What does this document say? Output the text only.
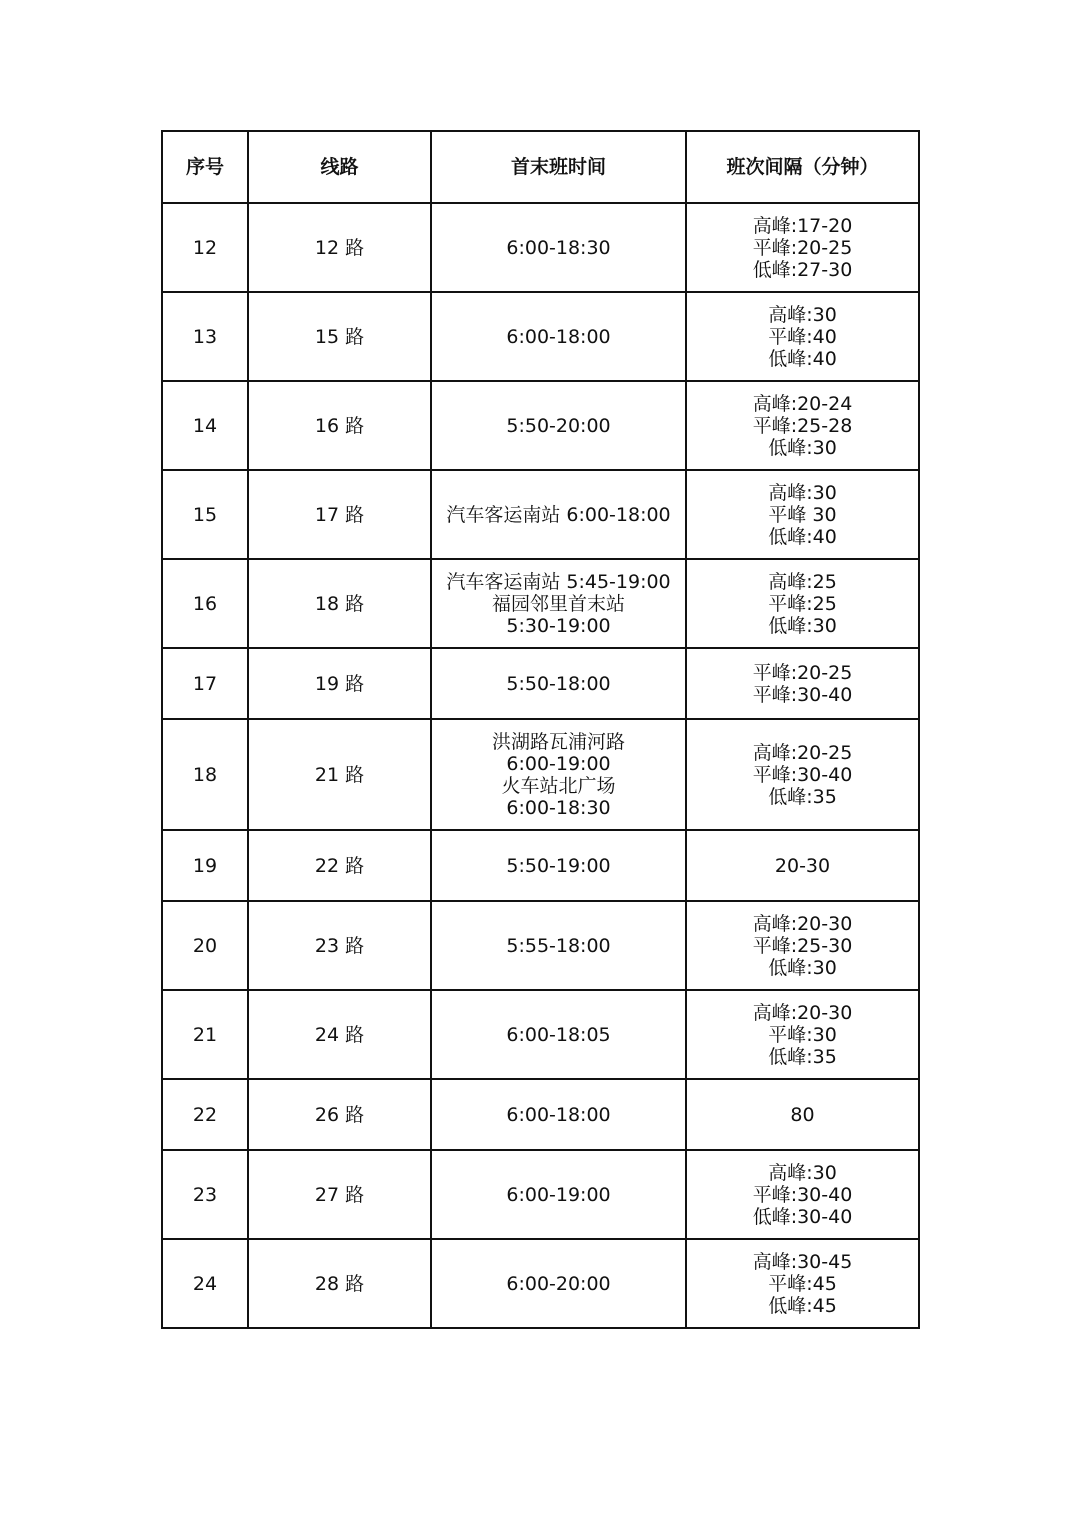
序号	线路	首末班时间	班次间隔（分钟）
12	12 路	6:00-18:30	高峰:17-20
平峰:20-25
低峰:27-30

13	15 路	6:00-18:00	高峰:30
平峰:40
低峰:40

14	16 路	5:50-20:00	高峰:20-24
平峰:25-28
低峰:30

15	17 路	汽车客运南站 6:00-18:00	高峰:30
平峰 30
低峰:40

16	18 路	汽车客运南站 5:45-19:00
福园邻里首末站
5:30-19:00	高峰:25
平峰:25
低峰:30

17	19 路	5:50-18:00	平峰:20-25
平峰:30-40

18	21 路	洪湖路瓦浦河路
6:00-19:00
火车站北广场
6:00-18:30	高峰:20-25
平峰:30-40
低峰:35

19	22 路	5:50-19:00	20-30

20	23 路	5:55-18:00	高峰:20-30
平峰:25-30
低峰:30

21	24 路	6:00-18:05	高峰:20-30
平峰:30
低峰:35

22	26 路	6:00-18:00	80

23	27 路	6:00-19:00	高峰:30
平峰:30-40
低峰:30-40

24	28 路	6:00-20:00	高峰:30-45
平峰:45
低峰:45
